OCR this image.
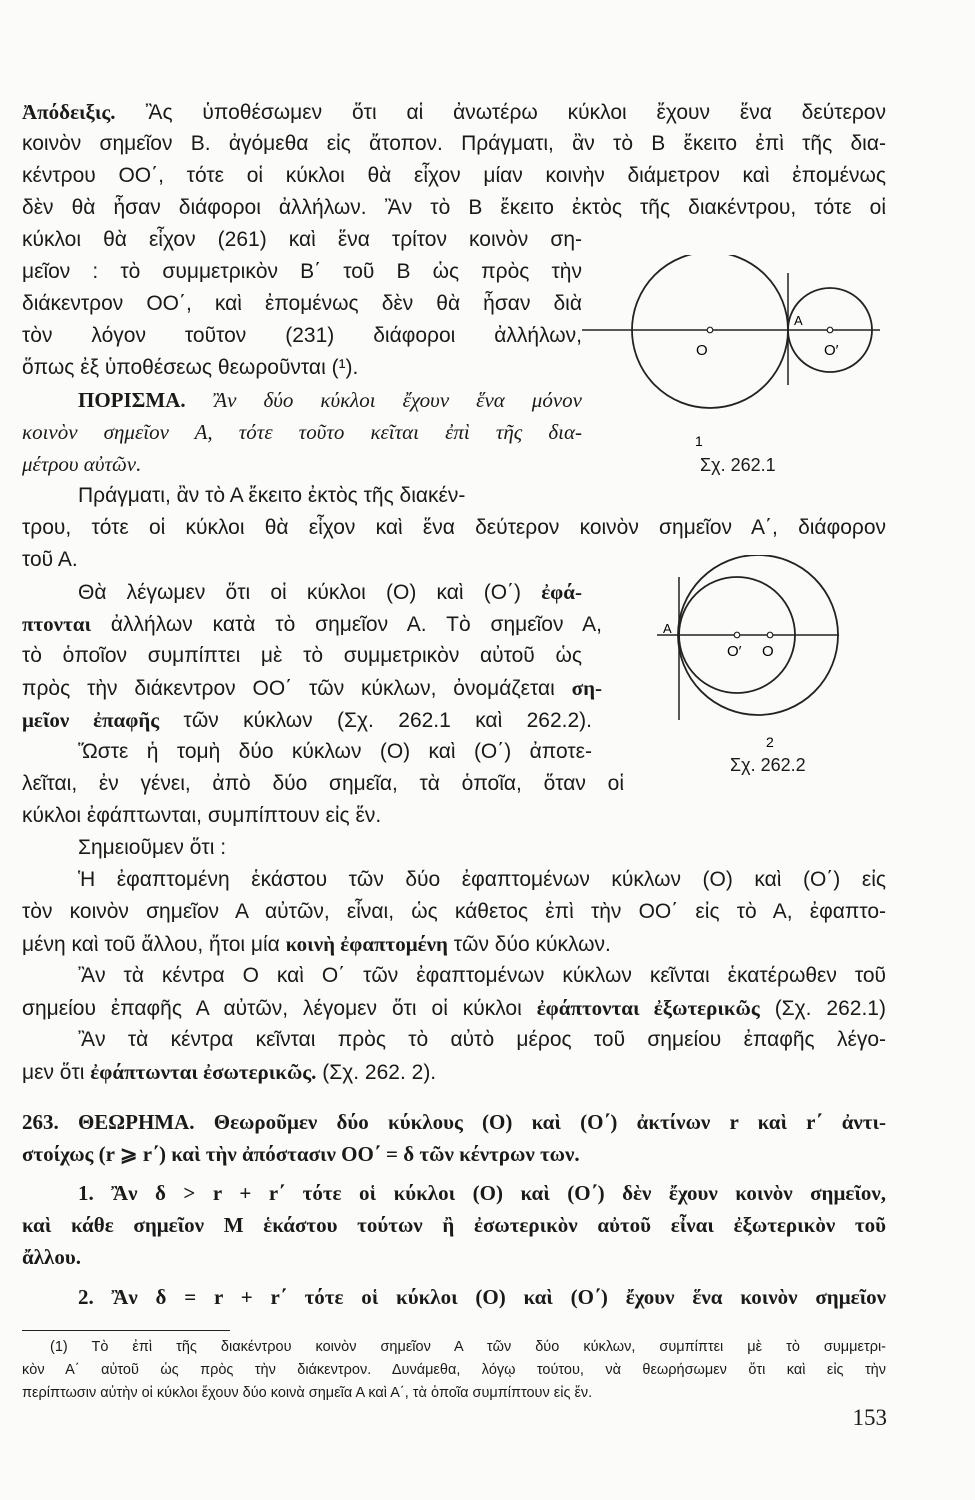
Ἀπόδειξις. Ἂς ὑποθέσωμεν ὅτι αἱ ἀνωτέρω κύκλοι ἔχουν ἕνα δεύτερον
κοινὸν σημεῖον Β. ἀγόμεθα εἰς ἄτοπον. Πράγματι, ἂν τὸ Β ἔκειτο ἐπὶ τῆς δια-
κέντρου ΟΟ΄, τότε οἱ κύκλοι θὰ εἶχον μίαν κοινὴν διάμετρον καὶ ἐπομένως
δὲν θὰ ἦσαν διάφοροι ἀλλήλων. Ἂν τὸ Β ἔκειτο ἐκτὸς τῆς διακέντρου, τότε οἱ
κύκλοι θὰ εἶχον (261) καὶ ἕνα τρίτον κοινὸν ση-
μεῖον : τὸ συμμετρικὸν Β΄ τοῦ Β ὡς πρὸς τὴν
διάκεντρον ΟΟ΄, καὶ ἐπομένως δὲν θὰ ἦσαν διὰ
τὸν λόγον τοῦτον (231) διάφοροι ἀλλήλων,
ὅπως ἐξ ὑποθέσεως θεωροῦνται (¹).
ΠΟΡΙΣΜΑ. Ἂν δύο κύκλοι ἔχουν ἕνα μόνον
κοινὸν σημεῖον Α, τότε τοῦτο κεῖται ἐπὶ τῆς δια-
μέτρου αὐτῶν.
Πράγματι, ἂν τὸ Α ἔκειτο ἐκτὸς τῆς διακέν-
τρου, τότε οἱ κύκλοι θὰ εἶχον καὶ ἕνα δεύτερον κοινὸν σημεῖον Α΄, διάφορον
τοῦ Α.
Θὰ λέγωμεν ὅτι οἱ κύκλοι (Ο) καὶ (Ο΄) ἐφά-
πτονται ἀλλήλων κατὰ τὸ σημεῖον Α. Τὸ σημεῖον Α,
τὸ ὁποῖον συμπίπτει μὲ τὸ συμμετρικὸν αὐτοῦ ὡς
πρὸς τὴν διάκεντρον ΟΟ΄ τῶν κύκλων, ὀνομάζεται ση-
μεῖον ἐπαφῆς τῶν κύκλων (Σχ. 262.1 καὶ 262.2).
Ὥστε ἡ τομὴ δύο κύκλων (Ο) καὶ (Ο΄) ἀποτε-
λεῖται, ἐν γένει, ἀπὸ δύο σημεῖα, τὰ ὁποῖα, ὅταν οἱ
κύκλοι ἐφάπτωνται, συμπίπτουν εἰς ἕν.
Σημειοῦμεν ὅτι :
Ἡ ἐφαπτομένη ἑκάστου τῶν δύο ἐφαπτομένων κύκλων (Ο) καὶ (Ο΄) εἰς
τὸν κοινὸν σημεῖον Α αὐτῶν, εἶναι, ὡς κάθετος ἐπὶ τὴν ΟΟ΄ εἰς τὸ Α, ἐφαπτο-
μένη καὶ τοῦ ἄλλου, ἤτοι μία κοινὴ ἐφαπτομένη τῶν δύο κύκλων.
Ἂν τὰ κέντρα Ο καὶ Ο΄ τῶν ἐφαπτομένων κύκλων κεῖνται ἑκατέρωθεν τοῦ
σημείου ἐπαφῆς Α αὐτῶν, λέγομεν ὅτι οἱ κύκλοι ἐφάπτονται ἐξωτερικῶς (Σχ. 262.1)
Ἂν τὰ κέντρα κεῖνται πρὸς τὸ αὐτὸ μέρος τοῦ σημείου ἐπαφῆς λέγο-
μεν ὅτι ἐφάπτωνται ἐσωτερικῶς. (Σχ. 262. 2).
263. ΘΕΩΡΗΜΑ. Θεωροῦμεν δύο κύκλους (Ο) καὶ (Ο΄) ἀκτίνων r καὶ r΄ ἀντι-
στοίχως (r ⩾ r΄) καὶ τὴν ἀπόστασιν ΟΟ΄ = δ τῶν κέντρων των.
1. Ἂν δ > r + r΄ τότε οἱ κύκλοι (Ο) καὶ (Ο΄) δὲν ἔχουν κοινὸν σημεῖον,
καὶ κάθε σημεῖον Μ ἑκάστου τούτων ἢ ἐσωτερικὸν αὐτοῦ εἶναι ἐξωτερικὸν τοῦ
ἄλλου.
2. Ἂν δ = r + r΄ τότε οἱ κύκλοι (Ο) καὶ (Ο΄) ἔχουν ἕνα κοινὸν σημεῖον
(1) Τὸ ἐπὶ τῆς διακέντρου κοινὸν σημεῖον Α τῶν δύο κύκλων, συμπίπτει μὲ τὸ συμμετρι-
κὸν Α΄ αὐτοῦ ὡς πρὸς τὴν διάκεντρον. Δυνάμεθα, λόγῳ τούτου, νὰ θεωρήσωμεν ὅτι καὶ εἰς τὴν
περίπτωσιν αὐτὴν οἱ κύκλοι ἔχουν δύο κοινὰ σημεῖα Α καὶ Α΄, τὰ ὁποῖα συμπίπτουν εἰς ἕν.
153
O	O′
A
1
Σχ. 262.1
O′ O
A
2
Σχ. 262.2
